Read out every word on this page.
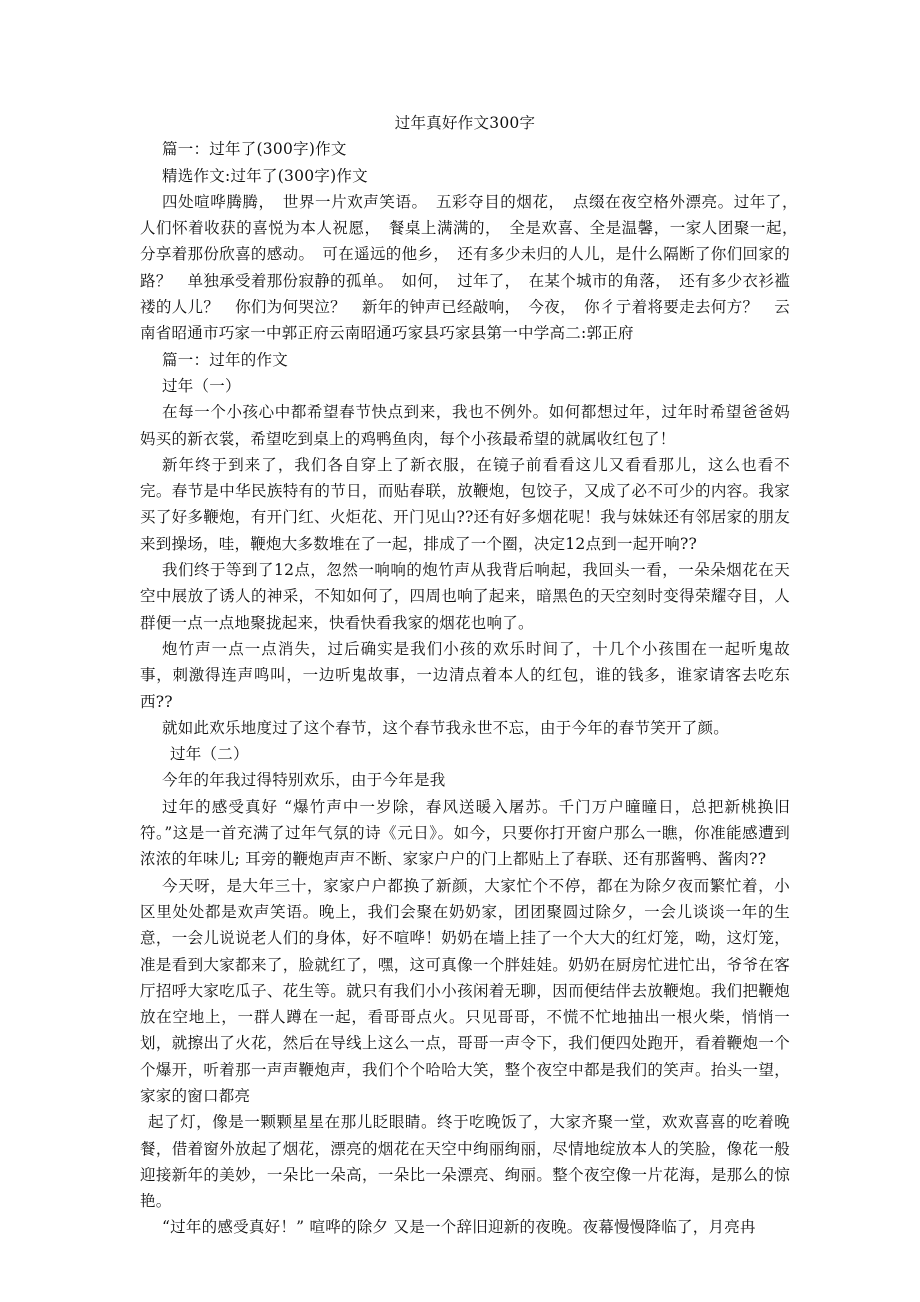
过年真好作文300字

篇一：过年了(300字)作文

精选作文:过年了(300字)作文

四处喧哗腾腾，　世界一片欢声笑语。　五彩夺目的烟花，　点缀在夜空格外漂亮。过年了，　人们怀着收获的喜悦为本人祝愿，　餐桌上满满的，　全是欢喜、全是温馨，一家人团聚一起，　分享着那份欣喜的感动。　可在遥远的他乡，　还有多少未归的人儿，是什么隔断了你们回家的路？　单独承受着那份寂静的孤单。　如何，　过年了，　在某个城市的角落，　还有多少衣衫褴褛的人儿？　你们为何哭泣？　新年的钟声已经敲响，　今夜，　你彳亍着将要走去何方？　云南省昭通市巧家一中郭正府云南昭通巧家县巧家县第一中学高二:郭正府

篇一：过年的作文

过年（一）

在每一个小孩心中都希望春节快点到来，我也不例外。如何都想过年，过年时希望爸爸妈妈买的新衣裳，希望吃到桌上的鸡鸭鱼肉，每个小孩最希望的就属收红包了！

新年终于到来了，我们各自穿上了新衣服，在镜子前看看这儿又看看那儿，这么也看不完。春节是中华民族特有的节日，而贴春联，放鞭炮，包饺子，又成了必不可少的内容。我家买了好多鞭炮，有开门红、火炬花、开门见山??还有好多烟花呢！我与妹妹还有邻居家的朋友来到操场，哇，鞭炮大多数堆在了一起，排成了一个圈，决定12点到一起开响??

我们终于等到了12点，忽然一响响的炮竹声从我背后响起，我回头一看，一朵朵烟花在天空中展放了诱人的神采，不知如何了，四周也响了起来，暗黑色的天空刻时变得荣耀夺目，人群便一点一点地聚拢起来，快看快看我家的烟花也响了。

炮竹声一点一点消失，过后确实是我们小孩的欢乐时间了，十几个小孩围在一起听鬼故事，刺激得连声鸣叫，一边听鬼故事，一边清点着本人的红包，谁的钱多，谁家请客去吃东西??

就如此欢乐地度过了这个春节，这个春节我永世不忘，由于今年的春节笑开了颜。

过年（二）

今年的年我过得特别欢乐，由于今年是我

过年的感受真好 “爆竹声中一岁除，春风送暖入屠苏。千门万户曈曈日，总把新桃换旧符。”这是一首充满了过年气氛的诗《元日》。如今，只要你打开窗户那么一瞧，你准能感遭到浓浓的年味儿; 耳旁的鞭炮声声不断、家家户户的门上都贴上了春联、还有那酱鸭、酱肉??

今天呀，是大年三十，家家户户都换了新颜，大家忙个不停，都在为除夕夜而繁忙着，小区里处处都是欢声笑语。晚上，我们会聚在奶奶家，团团聚圆过除夕，一会儿谈谈一年的生意，一会儿说说老人们的身体，好不喧哗！奶奶在墙上挂了一个大大的红灯笼，呦，这灯笼，准是看到大家都来了，脸就红了，嘿，这可真像一个胖娃娃。奶奶在厨房忙进忙出，爷爷在客厅招呼大家吃瓜子、花生等。就只有我们小小孩闲着无聊，因而便结伴去放鞭炮。我们把鞭炮放在空地上，一群人蹲在一起，看哥哥点火。只见哥哥，不慌不忙地抽出一根火柴，悄悄一划，就擦出了火花，然后在导线上这么一点，哥哥一声令下，我们便四处跑开，看着鞭炮一个个爆开，听着那一声声鞭炮声，我们个个哈哈大笑，整个夜空中都是我们的笑声。抬头一望，家家的窗口都亮

起了灯，像是一颗颗星星在那儿眨眼睛。终于吃晚饭了，大家齐聚一堂，欢欢喜喜的吃着晚餐，借着窗外放起了烟花，漂亮的烟花在天空中绚丽绚丽，尽情地绽放本人的笑脸，像花一般迎接新年的美妙，一朵比一朵高，一朵比一朵漂亮、绚丽。整个夜空像一片花海，是那么的惊艳。

“过年的感受真好！” 喧哗的除夕 又是一个辞旧迎新的夜晚。夜幕慢慢降临了，月亮冉
